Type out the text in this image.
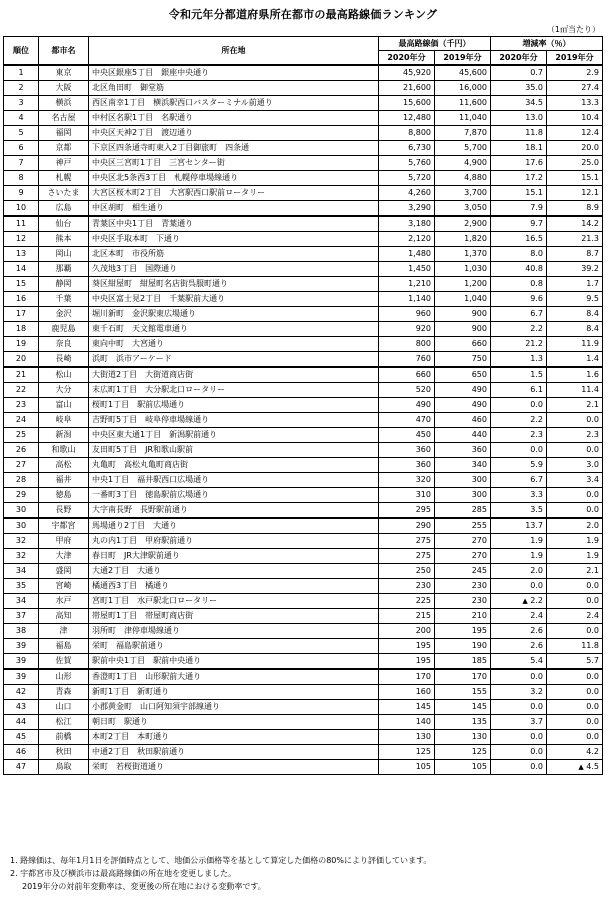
令和元年分都道府県所在都市の最高路線価ランキング
（1㎡当たり）
順位	都市名	所在地	最高路線価（千円）		増減率（％）	
			2020年分	2019年分	2020年分	2019年分
1	東京	中央区銀座5丁目　銀座中央通り	45,920	45,600	0.7	2.9
2	大阪	北区角田町　御堂筋	21,600	16,000	35.0	27.4
3	横浜	西区南幸1丁目　横浜駅西口バスターミナル前通り	15,600	11,600	34.5	13.3
4	名古屋	中村区名駅1丁目　名駅通り	12,480	11,040	13.0	10.4
5	福岡	中央区天神2丁目　渡辺通り	8,800	7,870	11.8	12.4
6	京都	下京区四条通寺町東入2丁目御旅町　四条通	6,730	5,700	18.1	20.0
7	神戸	中央区三宮町1丁目　三宮センター街	5,760	4,900	17.6	25.0
8	札幌	中央区北5条西3丁目　札幌停車場線通り	5,720	4,880	17.2	15.1
9	さいたま	大宮区桜木町2丁目　大宮駅西口駅前ロータリー	4,260	3,700	15.1	12.1
10	広島	中区胡町　相生通り	3,290	3,050	7.9	8.9
11	仙台	青葉区中央1丁目　青葉通り	3,180	2,900	9.7	14.2
12	熊本	中央区手取本町　下通り	2,120	1,820	16.5	21.3
13	岡山	北区本町　市役所筋	1,480	1,370	8.0	8.7
14	那覇	久茂地3丁目　国際通り	1,450	1,030	40.8	39.2
15	静岡	葵区紺屋町　紺屋町名店街呉服町通り	1,210	1,200	0.8	1.7
16	千葉	中央区富士見2丁目　千葉駅前大通り	1,140	1,040	9.6	9.5
17	金沢	堀川新町　金沢駅東広場通り	960	900	6.7	8.4
18	鹿児島	東千石町　天文館電車通り	920	900	2.2	8.4
19	奈良	東向中町　大宮通り	800	660	21.2	11.9
20	長崎	浜町　浜市アーケード	760	750	1.3	1.4
21	松山	大街道2丁目　大街道商店街	660	650	1.5	1.6
22	大分	末広町1丁目　大分駅北口ロータリー	520	490	6.1	11.4
23	富山	桜町1丁目　駅前広場通り	490	490	0.0	2.1
24	岐阜	吉野町5丁目　岐阜停車場線通り	470	460	2.2	0.0
25	新潟	中央区東大通1丁目　新潟駅前通り	450	440	2.3	2.3
26	和歌山	友田町5丁目　JR和歌山駅前	360	360	0.0	0.0
27	高松	丸亀町　高松丸亀町商店街	360	340	5.9	3.0
28	福井	中央1丁目　福井駅西口広場通り	320	300	6.7	3.4
29	徳島	一番町3丁目　徳島駅前広場通り	310	300	3.3	0.0
30	長野	大字南長野　長野駅前通り	295	285	3.5	0.0
30	宇都宮	馬場通り2丁目　大通り	290	255	13.7	2.0
32	甲府	丸の内1丁目　甲府駅前通り	275	270	1.9	1.9
32	大津	春日町　JR大津駅前通り	275	270	1.9	1.9
34	盛岡	大通2丁目　大通り	250	245	2.0	2.1
35	宮崎	橘通西3丁目　橘通り	230	230	0.0	0.0
34	水戸	宮町1丁目　水戸駅北口ロータリー	225	230	▲ 2.2	0.0
37	高知	帯屋町1丁目　帯屋町商店街	215	210	2.4	2.4
38	津	羽所町　津停車場線通り	200	195	2.6	0.0
39	福島	栄町　福島駅前通り	195	190	2.6	11.8
39	佐賀	駅前中央1丁目　駅前中央通り	195	185	5.4	5.7
39	山形	香澄町1丁目　山形駅前大通り	170	170	0.0	0.0
42	青森	新町1丁目　新町通り	160	155	3.2	0.0
43	山口	小郡黄金町　山口阿知須宇部線通り	145	145	0.0	0.0
44	松江	朝日町　駅通り	140	135	3.7	0.0
45	前橋	本町2丁目　本町通り	130	130	0.0	0.0
46	秋田	中通2丁目　秋田駅前通り	125	125	0.0	4.2
47	鳥取	栄町　若桜街道通り	105	105	0.0	▲ 4.5
1. 路線価は、毎年1月1日を評価時点として、地価公示価格等を基として算定した価格の80%により評価しています。
2. 宇都宮市及び横浜市は最高路線価の所在地を変更しました。
2019年分の対前年変動率は、変更後の所在地における変動率です。
